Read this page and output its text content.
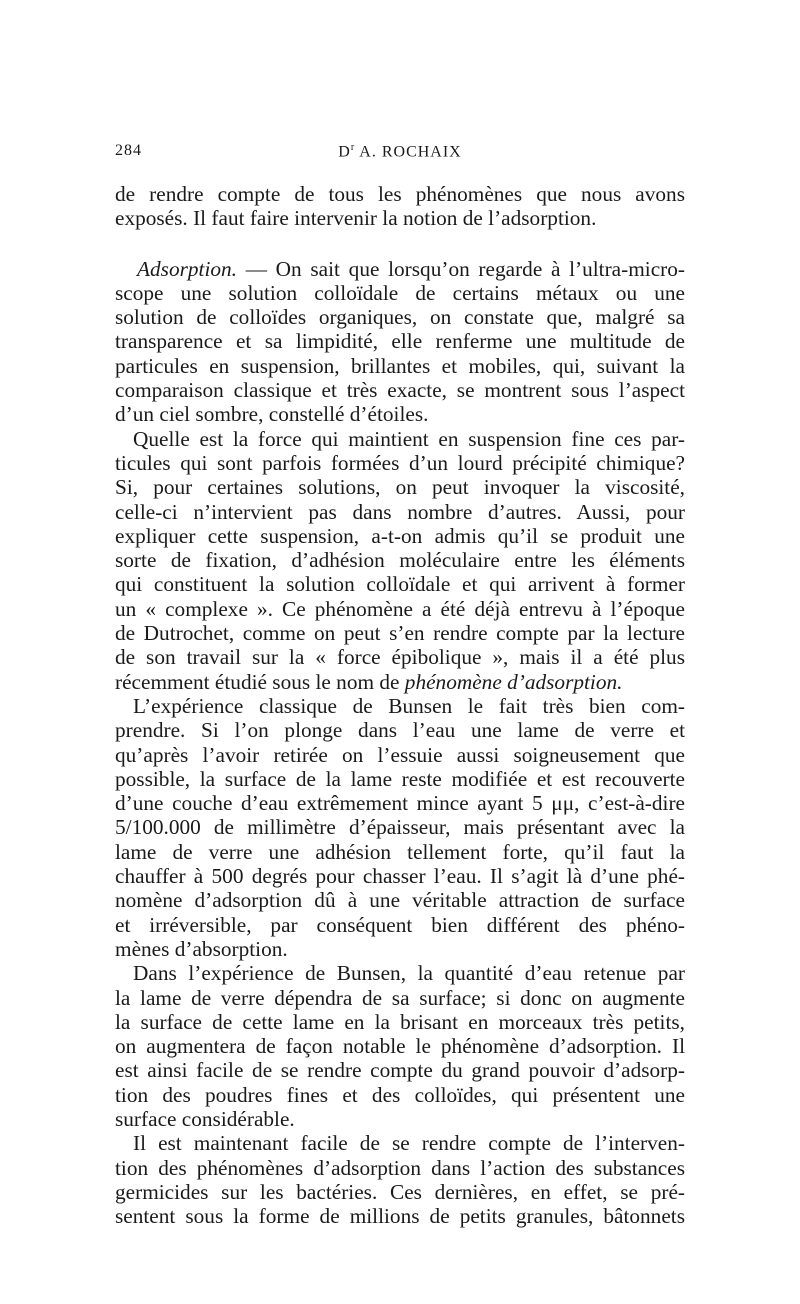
284	$D^r$ A. ROCHAIX

de rendre compte de tous les phénomènes que nous avons

exposés. Il faut faire intervenir la notion de l’adsorption.

Adsorption. — On sait que lorsqu’on regarde à l’ultra-micro-

scope une solution colloïdale de certains métaux ou une

solution de colloïdes organiques, on constate que, malgré sa

transparence et sa limpidité, elle renferme une multitude de

particules en suspension, brillantes et mobiles, qui, suivant la

comparaison classique et très exacte, se montrent sous l’aspect

d’un ciel sombre, constellé d’étoiles.

Quelle est la force qui maintient en suspension fine ces par-

ticules qui sont parfois formées d’un lourd précipité chimique?

Si, pour certaines solutions, on peut invoquer la viscosité,

celle-ci n’intervient pas dans nombre d’autres. Aussi, pour

expliquer cette suspension, a-t-on admis qu’il se produit une

sorte de fixation, d’adhésion moléculaire entre les éléments

qui constituent la solution colloïdale et qui arrivent à former

un « complexe ». Ce phénomène a été déjà entrevu à l’époque

de Dutrochet, comme on peut s’en rendre compte par la lecture

de son travail sur la « force épibolique », mais il a été plus

récemment étudié sous le nom de phénomène d’adsorption.

L’expérience classique de Bunsen le fait très bien com-

prendre. Si l’on plonge dans l’eau une lame de verre et

qu’après l’avoir retirée on l’essuie aussi soigneusement que

possible, la surface de la lame reste modifiée et est recouverte

d’une couche d’eau extrêmement mince ayant 5 μμ, c’est-à-dire

5/100.000 de millimètre d’épaisseur, mais présentant avec la

lame de verre une adhésion tellement forte, qu’il faut la

chauffer à 500 degrés pour chasser l’eau. Il s’agit là d’une phé-

nomène d’adsorption dû à une véritable attraction de surface

et irréversible, par conséquent bien différent des phéno-

mènes d’absorption.

Dans l’expérience de Bunsen, la quantité d’eau retenue par

la lame de verre dépendra de sa surface; si donc on augmente

la surface de cette lame en la brisant en morceaux très petits,

on augmentera de façon notable le phénomène d’adsorption. Il

est ainsi facile de se rendre compte du grand pouvoir d’adsorp-

tion des poudres fines et des colloïdes, qui présentent une

surface considérable.

Il est maintenant facile de se rendre compte de l’interven-

tion des phénomènes d’adsorption dans l’action des substances

germicides sur les bactéries. Ces dernières, en effet, se pré-

sentent sous la forme de millions de petits granules, bâtonnets
